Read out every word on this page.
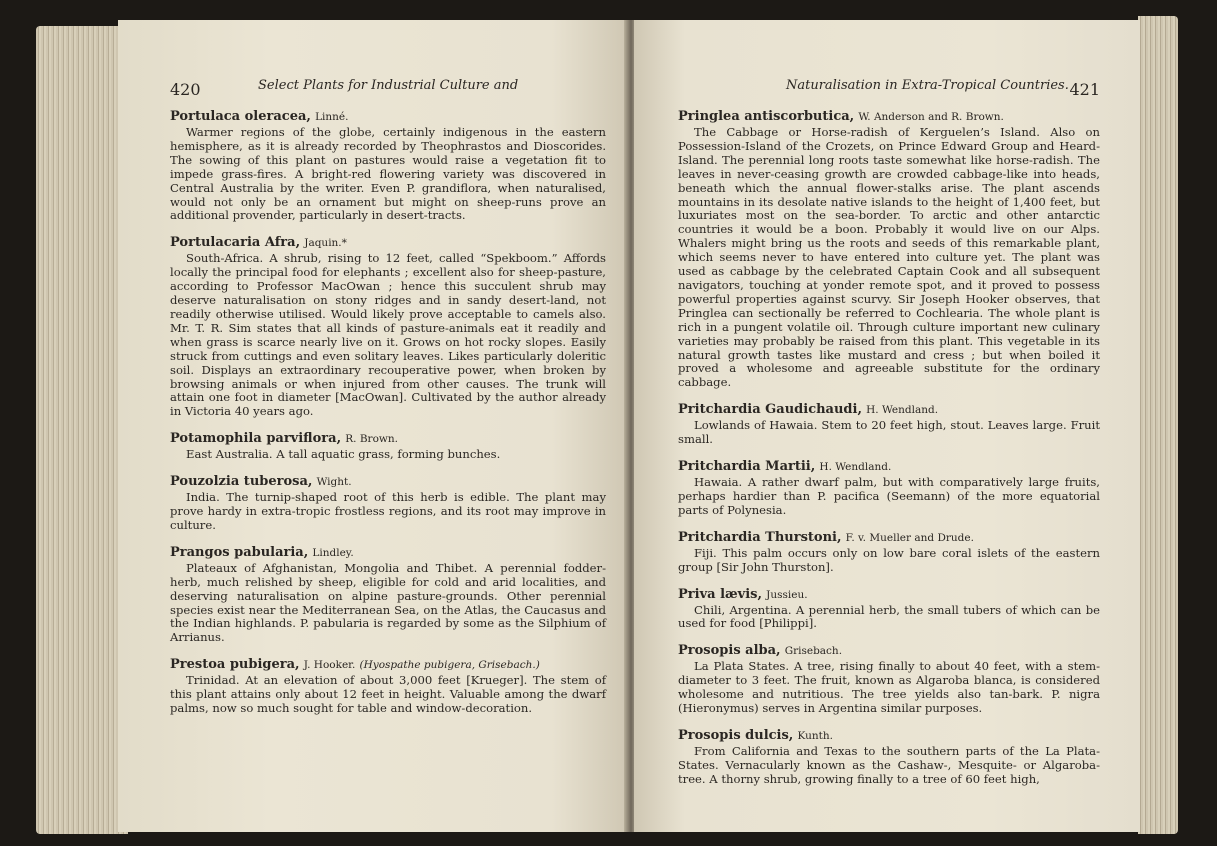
420	Select Plants for Industrial Culture and
Portulaca oleracea, Linné.

Warmer regions of the globe, certainly indigenous in the eastern hemisphere, as it is already recorded by Theophrastos and Dioscorides. The sowing of this plant on pastures would raise a vegetation fit to impede grass-fires. A bright-red flowering variety was discovered in Central Australia by the writer. Even P. grandiflora, when naturalised, would not only be an ornament but might on sheep-runs prove an additional provender, particularly in desert-tracts.

Portulacaria Afra, Jaquin.*

South-Africa. A shrub, rising to 12 feet, called “Spekboom.” Affords locally the principal food for elephants ; excellent also for sheep-pasture, according to Professor MacOwan ; hence this succulent shrub may deserve naturalisation on stony ridges and in sandy desert-land, not readily otherwise utilised. Would likely prove acceptable to camels also. Mr. T. R. Sim states that all kinds of pasture-animals eat it readily and when grass is scarce nearly live on it. Grows on hot rocky slopes. Easily struck from cuttings and even solitary leaves. Likes particularly doleritic soil. Displays an extraordinary recouperative power, when broken by browsing animals or when injured from other causes. The trunk will attain one foot in diameter [MacOwan]. Cultivated by the author already in Victoria 40 years ago.

Potamophila parviflora, R. Brown.

East Australia. A tall aquatic grass, forming bunches.

Pouzolzia tuberosa, Wight.

India. The turnip-shaped root of this herb is edible. The plant may prove hardy in extra-tropic frostless regions, and its root may improve in culture.

Prangos pabularia, Lindley.

Plateaux of Afghanistan, Mongolia and Thibet. A perennial fodder-herb, much relished by sheep, eligible for cold and arid localities, and deserving naturalisation on alpine pasture-grounds. Other perennial species exist near the Mediterranean Sea, on the Atlas, the Caucasus and the Indian highlands. P. pabularia is regarded by some as the Silphium of Arrianus.

Prestoa pubigera, J. Hooker. (Hyospathe pubigera, Grisebach.)

Trinidad. At an elevation of about 3,000 feet [Krueger]. The stem of this plant attains only about 12 feet in height. Valuable among the dwarf palms, now so much sought for table and window-decoration.

Naturalisation in Extra-Tropical Countries. 421
Pringlea antiscorbutica, W. Anderson and R. Brown.

The Cabbage or Horse-radish of Kerguelen’s Island. Also on Possession-Island of the Crozets, on Prince Edward Group and Heard-Island. The perennial long roots taste somewhat like horse-radish. The leaves in never-ceasing growth are crowded cabbage-like into heads, beneath which the annual flower-stalks arise. The plant ascends mountains in its desolate native islands to the height of 1,400 feet, but luxuriates most on the sea-border. To arctic and other antarctic countries it would be a boon. Probably it would live on our Alps. Whalers might bring us the roots and seeds of this remarkable plant, which seems never to have entered into culture yet. The plant was used as cabbage by the celebrated Captain Cook and all subsequent navigators, touching at yonder remote spot, and it proved to possess powerful properties against scurvy. Sir Joseph Hooker observes, that Pringlea can sectionally be referred to Cochlearia. The whole plant is rich in a pungent volatile oil. Through culture important new culinary varieties may probably be raised from this plant. This vegetable in its natural growth tastes like mustard and cress ; but when boiled it proved a wholesome and agreeable substitute for the ordinary cabbage.

Pritchardia Gaudichaudi, H. Wendland.

Lowlands of Hawaia. Stem to 20 feet high, stout. Leaves large. Fruit small.

Pritchardia Martii, H. Wendland.

Hawaia. A rather dwarf palm, but with comparatively large fruits, perhaps hardier than P. pacifica (Seemann) of the more equatorial parts of Polynesia.

Pritchardia Thurstoni, F. v. Mueller and Drude.

Fiji. This palm occurs only on low bare coral islets of the eastern group [Sir John Thurston].

Priva lævis, Jussieu.

Chili, Argentina. A perennial herb, the small tubers of which can be used for food [Philippi].

Prosopis alba, Grisebach.

La Plata States. A tree, rising finally to about 40 feet, with a stem-diameter to 3 feet. The fruit, known as Algaroba blanca, is considered wholesome and nutritious. The tree yields also tan-bark. P. nigra (Hieronymus) serves in Argentina similar purposes.

Prosopis dulcis, Kunth.

From California and Texas to the southern parts of the La Plata-States. Vernacularly known as the Cashaw-, Mesquite- or Algaroba-tree. A thorny shrub, growing finally to a tree of 60 feet high,
